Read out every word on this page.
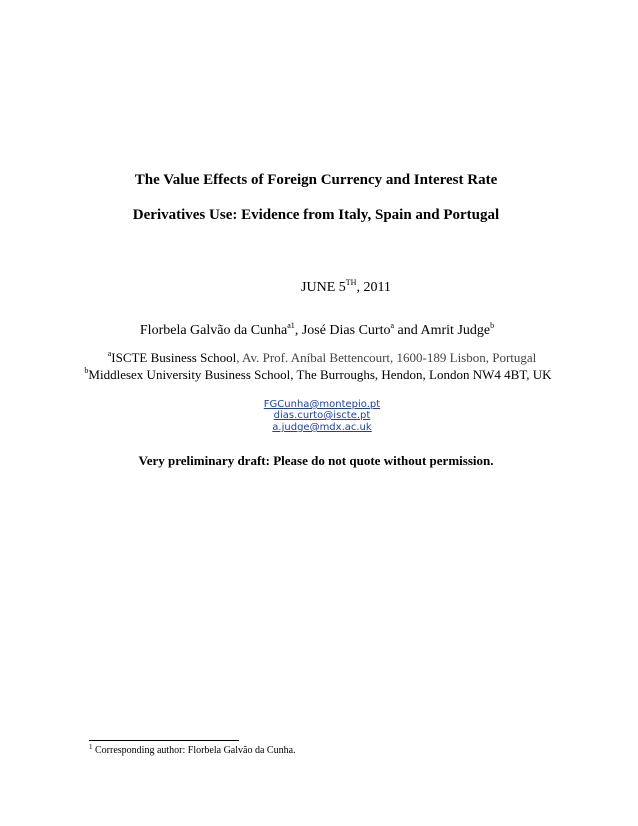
The Value Effects of Foreign Currency and Interest Rate
Derivatives Use: Evidence from Italy, Spain and Portugal
JUNE 5TH, 2011
Florbela Galvão da Cunha$^{a1}$, José Dias Curto$^a$ and Amrit Judge$^b$
$^a$ISCTE Business School, Av. Prof. Aníbal Bettencourt, 1600-189 Lisbon, Portugal
$^b$Middlesex University Business School, The Burroughs, Hendon, London NW4 4BT, UK
FGCunha@montepio.pt
dias.curto@iscte.pt
a.judge@mdx.ac.uk
Very preliminary draft: Please do not quote without permission.
$^1$ Corresponding author: Florbela Galvão da Cunha.
